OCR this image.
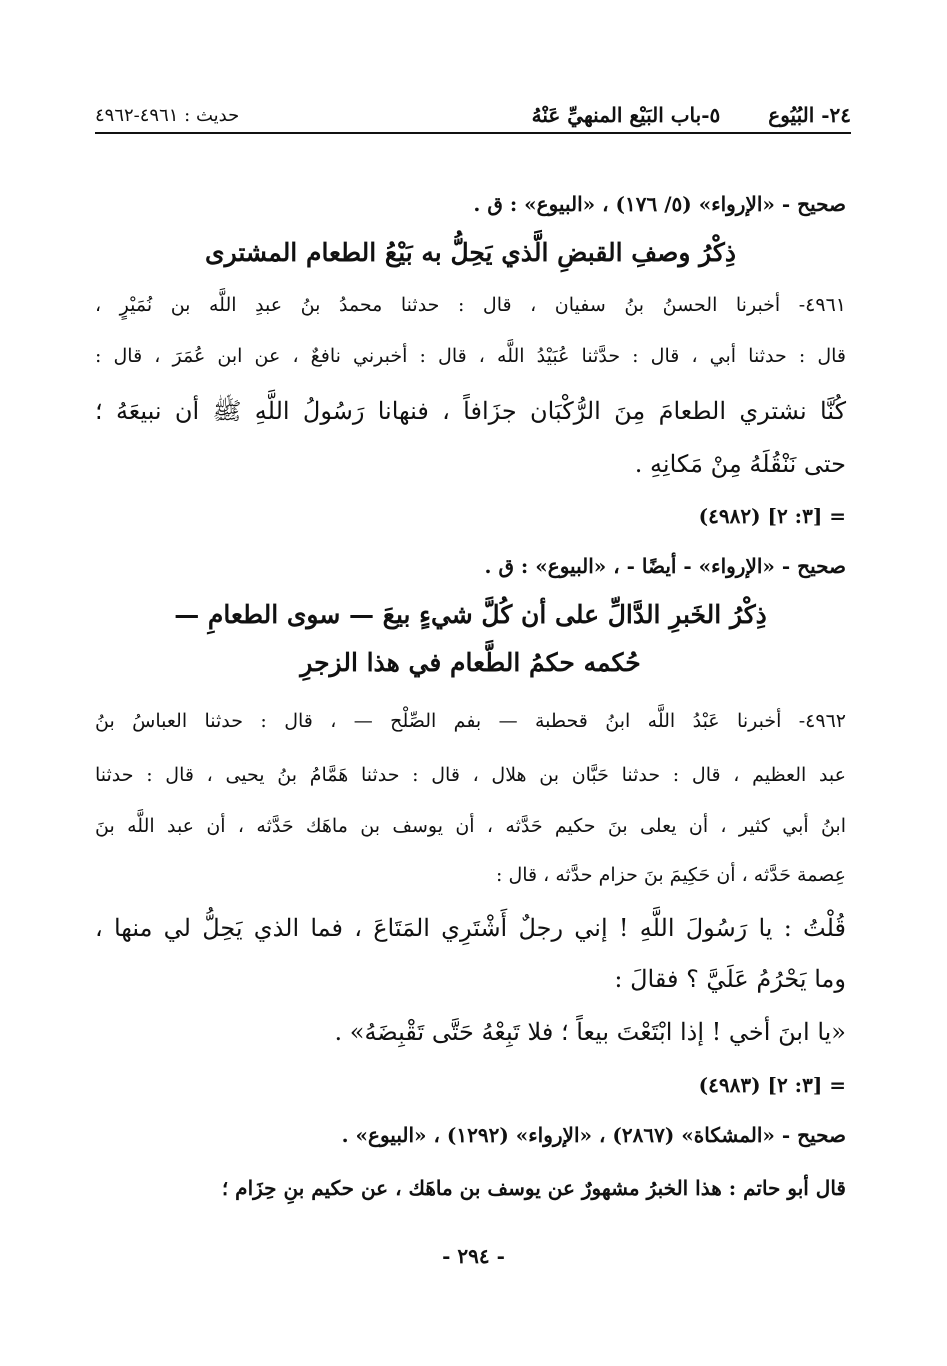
٢٤- البُيُوع
٥-باب البَيْع المنهيِّ عَنْهُ
حديث : ٤٩٦١-٤٩٦٢
صحيح - «الإرواء» (٥/ ١٧٦) ، «البيوع» : ق .
ذِكْرُ وصفِ القبضِ الَّذي يَحِلُّ به بَيْعُ الطعام المشترى
٤٩٦١- أخبرنا الحسنُ بنُ سفيان ، قال : حدثنا محمدُ بنُ عبدِ اللَّه بن نُمَيْرٍ ،
قال : حدثنا أبي ، قال : حدَّثنا عُبَيْدُ اللَّه ، قال : أخبرني نافعٌ ، عن ابن عُمَرَ ، قال :
كُنَّا نشتري الطعامَ مِنَ الرُّكْبَان جزَافاً ، فنهانا رَسُولُ اللَّهِ ﷺ أن نبيعَهُ ؛
حتى نَنْقُلَهُ مِنْ مَكانِهِ .
= [٣: ٢] (٤٩٨٢)
صحيح - «الإرواء» - أيضًا - ، «البيوع» : ق .
ذِكْرُ الخَبرِ الدَّالِّ على أن كُلَّ شيءٍ بيعَ — سوى الطعامِ —
حُكمه حكمُ الطَّعام في هذا الزجرِ
٤٩٦٢- أخبرنا عَبْدُ اللَّه ابنُ قحطبة — بفم الصِّلْح — ، قال : حدثنا العباسُ بنُ
عبد العظيم ، قال : حدثنا حَبَّان بن هلال ، قال : حدثنا هَمَّامُ بنُ يحيى ، قال : حدثنا
ابنُ أبي كثير ، أن يعلى بنَ حكيم حَدَّثه ، أن يوسف بن ماهَك حَدَّثه ، أن عبد اللَّه بنَ
عِصمة حَدَّثه ، أن حَكِيمَ بنَ حزام حدَّثه ، قال :
قُلْتُ : يا رَسُولَ اللَّهِ ! إني رجلٌ أَشْتَرِي المَتَاعَ ، فما الذي يَحِلُّ لي منها ،
وما يَحْرُمُ عَلَيَّ ؟ فقالَ :
«يا ابنَ أخي ! إذا ابْتَعْتَ بيعاً ؛ فلا تَبِعْهُ حَتَّى تَقْبِضَهُ» .
= [٣: ٢] (٤٩٨٣)
صحيح - «المشكاة» (٢٨٦٧) ، «الإرواء» (١٢٩٢) ، «البيوع» .
قال أبو حاتم : هذا الخبرُ مشهورٌ عن يوسف بن ماهَك ، عن حكيم بنِ حِزَام ؛
- ٢٩٤ -
